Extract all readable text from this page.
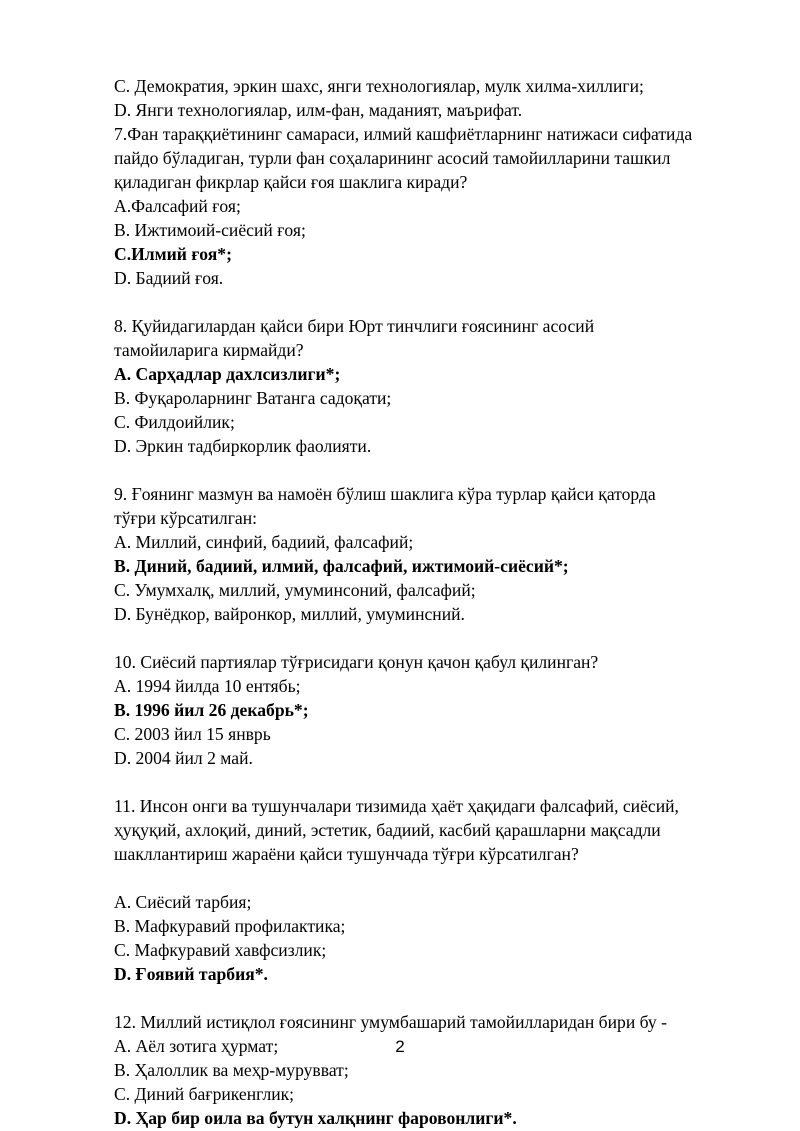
C. Демократия, эркин шахс, янги технологиялар, мулк хилма-хиллиги;

D. Янги технологиялар, илм-фан, маданият, маърифат.

7.Фан тараққиётининг самараси, илмий кашфиётларнинг натижаси сифатида

пайдо бўладиган, турли фан соҳаларининг асосий тамойилларини ташкил

қиладиган фикрлар қайси ғоя шаклига киради?

A.Фалсафий ғоя;

B. Ижтимоий-сиёсий ғоя;

C.Илмий ғоя*;

D. Бадиий ғоя.

8. Қуйидагилардан қайси бири Юрт тинчлиги ғоясининг асосий

тамойиларига кирмайди?

A. Сарҳадлар дахлсизлиги*;

B. Фуқароларнинг Ватанга садоқати;

C. Филдоийлик;

D. Эркин тадбиркорлик фаолияти.

9. Ғоянинг мазмун ва намоён бўлиш шаклига кўра турлар қайси қаторда

тўғри кўрсатилган:

A. Миллий, синфий, бадиий, фалсафий;

B. Диний, бадиий, илмий, фалсафий, ижтимоий-сиёсий*;

C. Умумхалқ, миллий, умуминсоний, фалсафий;

D. Бунёдкор, вайронкор, миллий, умуминсний.

10. Сиёсий партиялар тўғрисидаги қонун қачон қабул қилинган?

A. 1994 йилда 10 ентябь;

B. 1996 йил 26 декабрь*;

C. 2003 йил 15 янврь

D. 2004 йил 2 май.

11. Инсон онги ва тушунчалари тизимида ҳаёт ҳақидаги фалсафий, сиёсий,

ҳуқуқий, ахлоқий, диний, эстетик, бадиий, касбий қарашларни мақсадли

шакллантириш жараёни қайси тушунчада тўғри кўрсатилган?

A. Сиёсий тарбия;

B. Мафкуравий профилактика;

C. Мафкуравий хавфсизлик;

D. Ғоявий тарбия*.

12. Миллий истиқлол ғоясининг умумбашарий тамойилларидан бири бу -

A. Аёл зотига ҳурмат;

B. Ҳалоллик ва меҳр-мурувват;

C. Диний бағрикенглик;

D. Ҳар бир оила ва бутун халқнинг фаровонлиги*.

2
